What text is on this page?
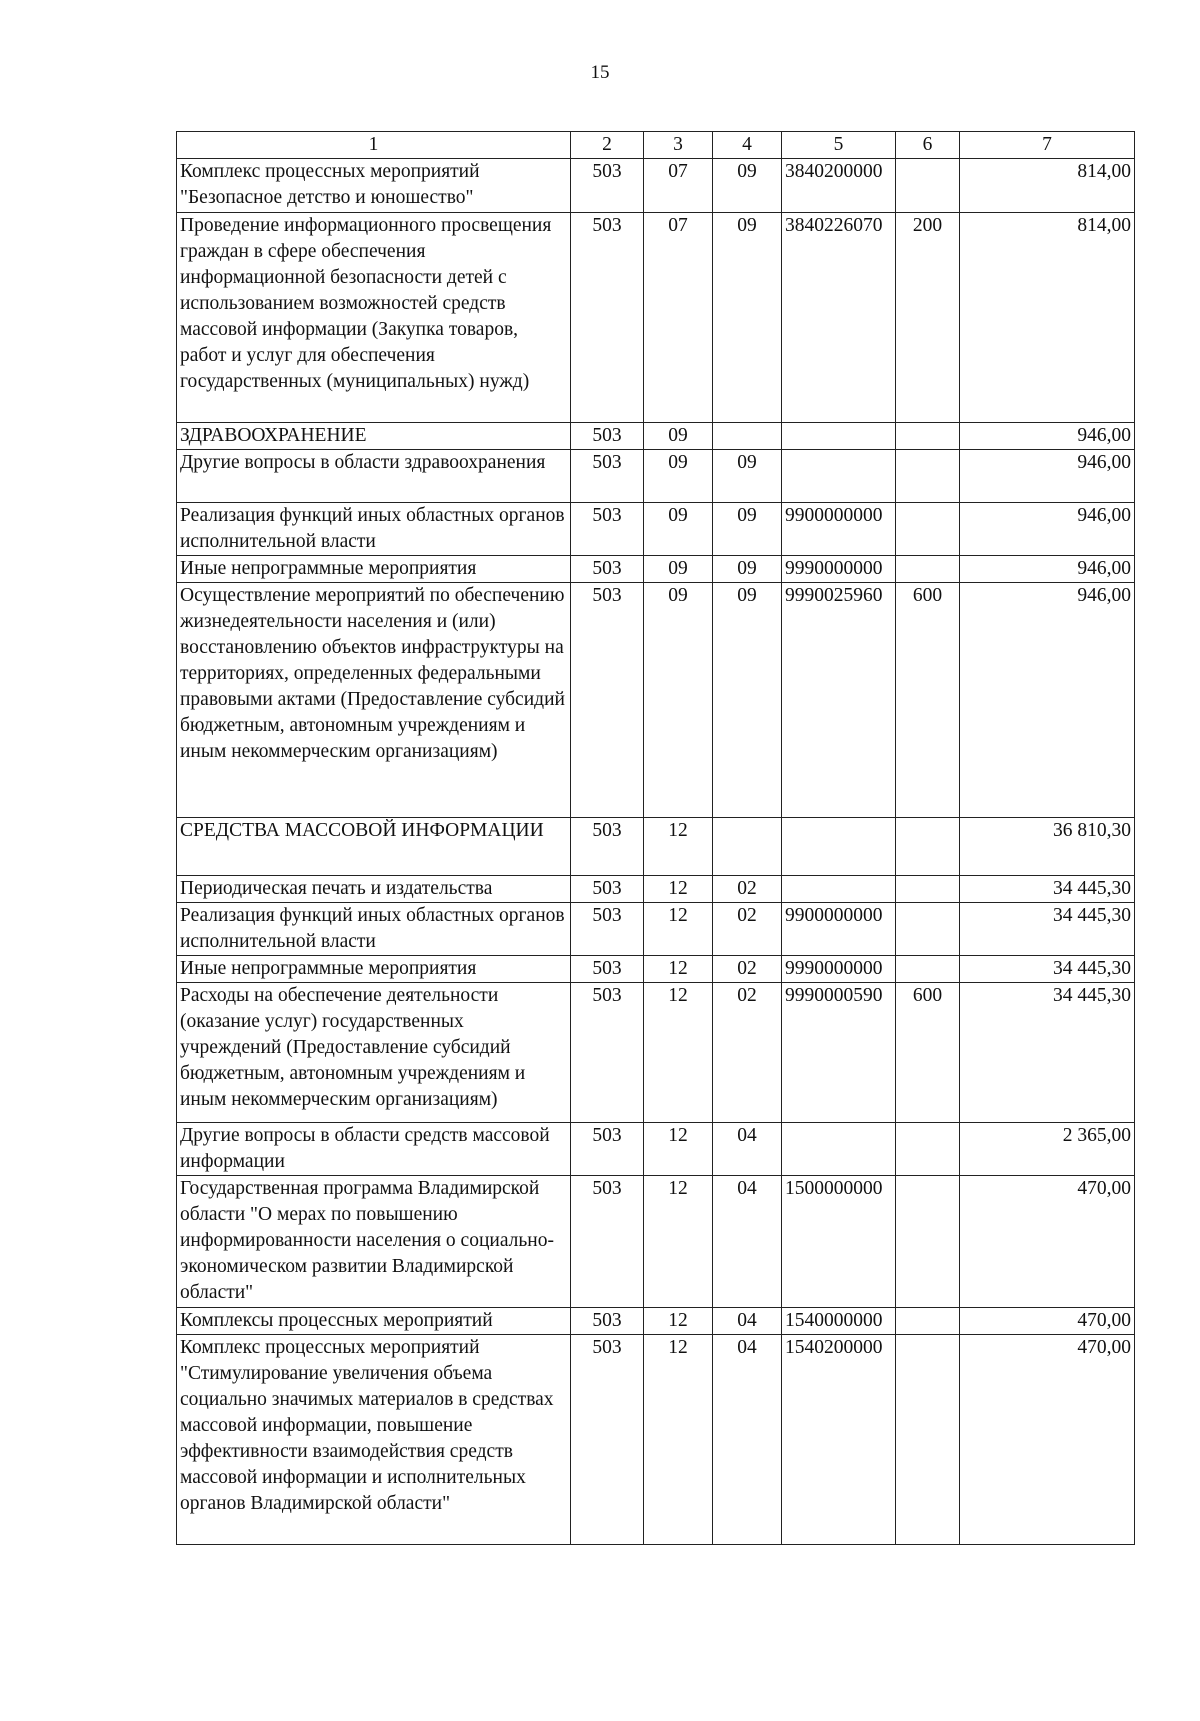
15
1	2	3	4	5	6	7
Комплекс процессных мероприятий "Безопасное детство и юношество"	503	07	09	3840200000		814,00
Проведение информационного просвещения граждан в сфере обеспечения информационной безопасности детей с использованием возможностей средств массовой информации (Закупка товаров, работ и услуг для обеспечения государственных (муниципальных) нужд)	503	07	09	3840226070	200	814,00
ЗДРАВООХРАНЕНИЕ	503	09				946,00
Другие вопросы в области здравоохранения	503	09	09			946,00
Реализация функций иных областных органов исполнительной власти	503	09	09	9900000000		946,00
Иные непрограммные мероприятия	503	09	09	9990000000		946,00
Осуществление мероприятий по обеспечению жизнедеятельности населения и (или) восстановлению объектов инфраструктуры на территориях, определенных федеральными правовыми актами (Предоставление субсидий бюджетным, автономным учреждениям и иным некоммерческим организациям)	503	09	09	9990025960	600	946,00
СРЕДСТВА МАССОВОЙ ИНФОРМАЦИИ	503	12				36 810,30
Периодическая печать и издательства	503	12	02			34 445,30
Реализация функций иных областных органов исполнительной власти	503	12	02	9900000000		34 445,30
Иные непрограммные мероприятия	503	12	02	9990000000		34 445,30
Расходы на обеспечение деятельности (оказание услуг) государственных учреждений (Предоставление субсидий бюджетным, автономным учреждениям и иным некоммерческим организациям)	503	12	02	9990000590	600	34 445,30
Другие вопросы в области средств массовой информации	503	12	04			2 365,00
Государственная программа Владимирской области "О мерах по повышению информированности населения о социально-экономическом развитии Владимирской области"	503	12	04	1500000000		470,00
Комплексы процессных мероприятий	503	12	04	1540000000		470,00
Комплекс процессных мероприятий "Стимулирование увеличения объема социально значимых материалов в средствах массовой информации, повышение эффективности взаимодействия средств массовой информации и исполнительных органов Владимирской области"	503	12	04	1540200000		470,00
